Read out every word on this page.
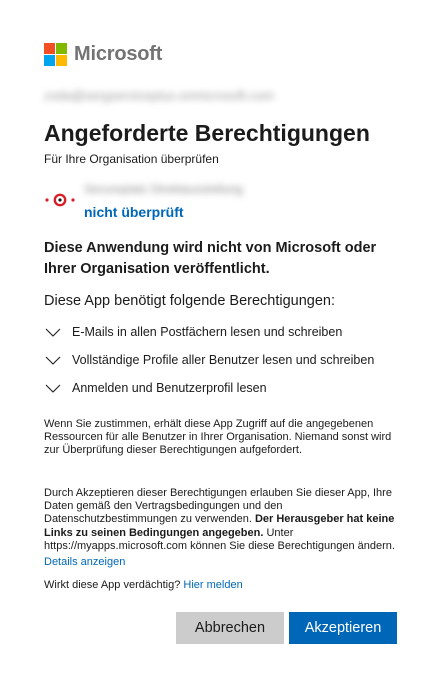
Microsoft
zxda@sergserviceplus.onmicrosoft.com
Angeforderte Berechtigungen
Für Ihre Organisation überprüfen
Secureplatz Direktausstellung
nicht überprüft
Diese Anwendung wird nicht von Microsoft oder Ihrer Organisation veröffentlicht.
Diese App benötigt folgende Berechtigungen:
E-Mails in allen Postfächern lesen und schreiben
Vollständige Profile aller Benutzer lesen und schreiben
Anmelden und Benutzerprofil lesen
Wenn Sie zustimmen, erhält diese App Zugriff auf die angegebenen Ressourcen für alle Benutzer in Ihrer Organisation. Niemand sonst wird zur Überprüfung dieser Berechtigungen aufgefordert.
Durch Akzeptieren dieser Berechtigungen erlauben Sie dieser App, Ihre Daten gemäß den Vertragsbedingungen und den Datenschutzbestimmungen zu verwenden. Der Herausgeber hat keine Links zu seinen Bedingungen angegeben. Unter https://myapps.microsoft.com können Sie diese Berechtigungen ändern.
Details anzeigen
Wirkt diese App verdächtig? Hier melden
Abbrechen	Akzeptieren
